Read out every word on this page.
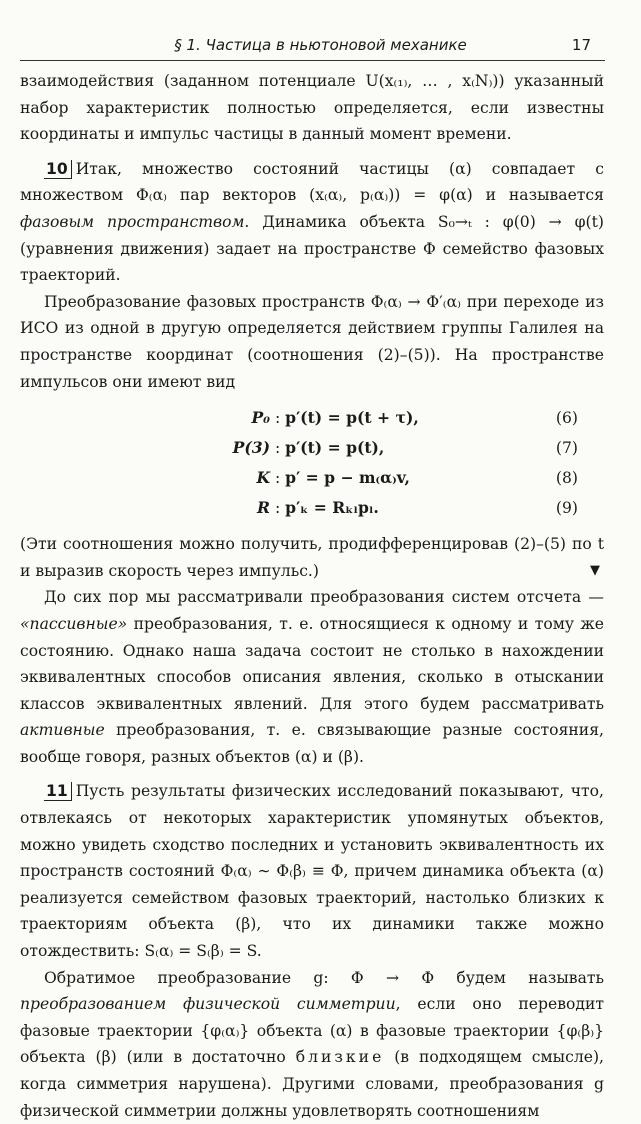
§ 1. Частица в ньютоновой механике	17

взаимодействия (заданном потенциале U(x₍₁₎, … , x₍N₎)) указанный набор характеристик полностью определяется, если известны координаты и импульс частицы в данный момент времени.

10 Итак, множество состояний частицы (α) совпадает с множеством Φ₍α₎ пар векторов (x₍α₎, p₍α₎)) = φ(α) и называется фазовым пространством. Динамика объекта S₀→ₜ : φ(0) → φ(t) (уравнения движения) задает на пространстве Φ семейство фазовых траекторий.

Преобразование фазовых пространств Φ₍α₎ → Φ′₍α₎ при переходе из ИСО из одной в другую определяется действием группы Галилея на пространстве координат (соотношения (2)–(5)). На пространстве импульсов они имеют вид

P₀ : p′(t) = p(t + τ),	(6)
P(3) : p′(t) = p(t),	(7)
K : p′ = p − m₍α₎v,	(8)
R : p′ₖ = Rₖₗpₗ.	(9)

(Эти соотношения можно получить, продифференцировав (2)–(5) по t и выразив скорость через импульс.)	▼

До сих пор мы рассматривали преобразования систем отсчета — «пассивные» преобразования, т. е. относящиеся к одному и тому же состоянию. Однако наша задача состоит не столько в нахождении эквивалентных способов описания явления, сколько в отыскании классов эквивалентных явлений. Для этого будем рассматривать активные преобразования, т. е. связывающие разные состояния, вообще говоря, разных объектов (α) и (β).

11 Пусть результаты физических исследований показывают, что, отвлекаясь от некоторых характеристик упомянутых объектов, можно увидеть сходство последних и установить эквивалентность их пространств состояний Φ₍α₎ ∼ Φ₍β₎ ≡ Φ, причем динамика объекта (α) реализуется семейством фазовых траекторий, настолько близких к траекториям объекта (β), что их динамики также можно отождествить: S₍α₎ = S₍β₎ = S.

Обратимое преобразование g: Φ → Φ будем называть преобразованием физической симметрии, если оно переводит фазовые траектории {φ₍α₎} объекта (α) в фазовые траектории {φ₍β₎} объекта (β) (или в достаточно близкие (в подходящем смысле), когда симметрия нарушена). Другими словами, преобразования g физической симметрии должны удовлетворять соотношениям
